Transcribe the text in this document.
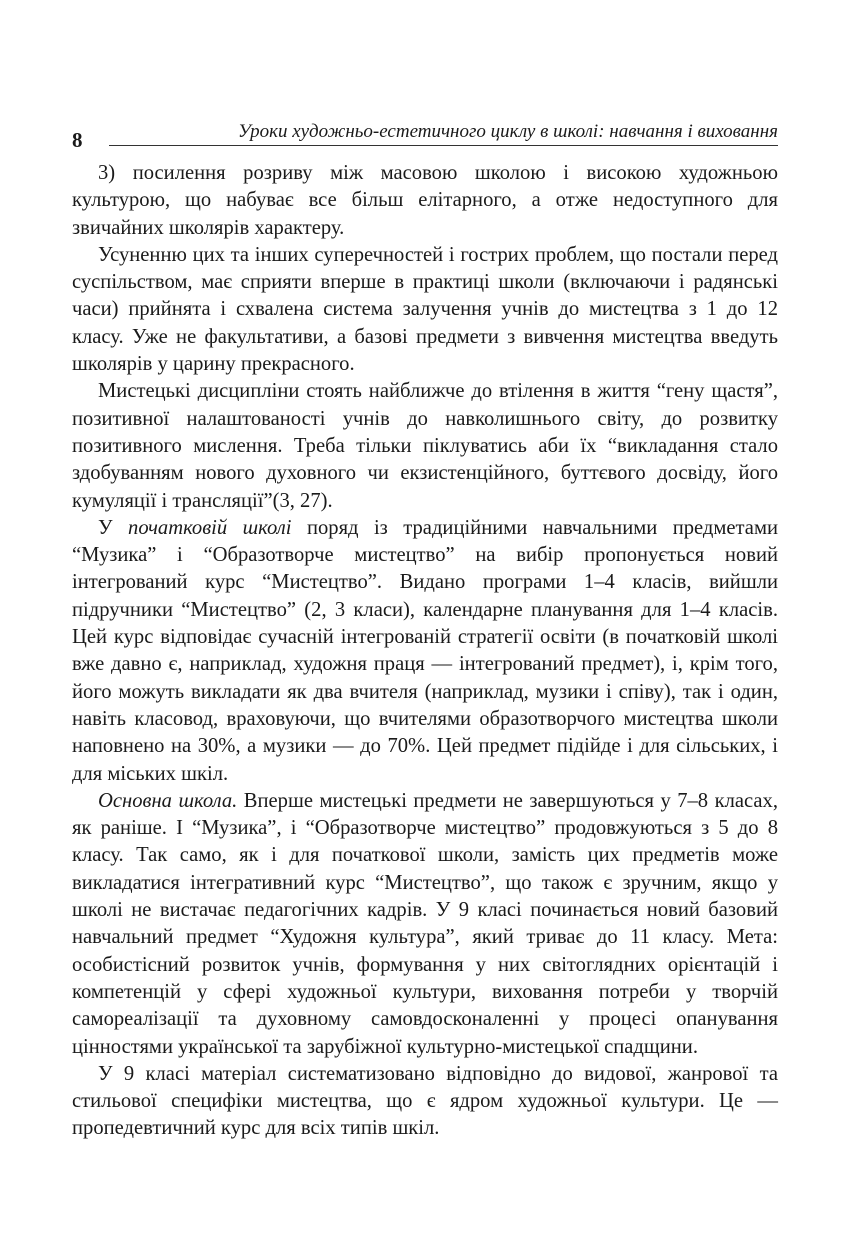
8	Уроки художньо-естетичного циклу в школі: навчання і виховання

3) посилення розриву між масовою школою і високою художньою культурою, що набуває все більш елітарного, а отже недоступного для звичайних школярів характеру.

Усуненню цих та інших суперечностей і гострих проблем, що постали перед суспільством, має сприяти вперше в практиці школи (включаючи і радянські часи) прийнята і схвалена система залучення учнів до мистецтва з 1 до 12 класу. Уже не факультативи, а базові предмети з вивчення мистецтва введуть школярів у царину прекрасного.

Мистецькі дисципліни стоять найближче до втілення в життя “гену щастя”, позитивної налаштованості учнів до навколишнього світу, до розвитку позитивного мислення. Треба тільки піклуватись аби їх “викладання стало здобуванням нового духовного чи екзистенційного, буттєвого досвіду, його кумуляції і трансляції”(3, 27).

У початковій школі поряд із традиційними навчальними предметами “Музика” і “Образотворче мистецтво” на вибір пропонується новий інтегрований курс “Мистецтво”. Видано програми 1–4 класів, вийшли підручники “Мистецтво” (2, 3 класи), календарне планування для 1–4 класів. Цей курс відповідає сучасній інтегрованій стратегії освіти (в початковій школі вже давно є, наприклад, художня праця — інтегрований предмет), і, крім того, його можуть викладати як два вчителя (наприклад, музики і співу), так і один, навіть класовод, враховуючи, що вчителями образотворчого мистецтва школи наповнено на 30%, а музики — до 70%. Цей предмет підійде і для сільських, і для міських шкіл.

Основна школа. Вперше мистецькі предмети не завершуються у 7–8 класах, як раніше. І “Музика”, і “Образотворче мистецтво” продовжуються з 5 до 8 класу. Так само, як і для початкової школи, замість цих предметів може викладатися інтегративний курс “Мистецтво”, що також є зручним, якщо у школі не вистачає педагогічних кадрів. У 9 класі починається новий базовий навчальний предмет “Художня культура”, який триває до 11 класу. Мета: особистісний розвиток учнів, формування у них світоглядних орієнтацій і компетенцій у сфері художньої культури, виховання потреби у творчій самореалізації та духовному самовдосконаленні у процесі опанування цінностями української та зарубіжної культурно-мистецької спадщини.

У 9 класі матеріал систематизовано відповідно до видової, жанрової та стильової специфіки мистецтва, що є ядром художньої культури. Це — пропедевтичний курс для всіх типів шкіл.
